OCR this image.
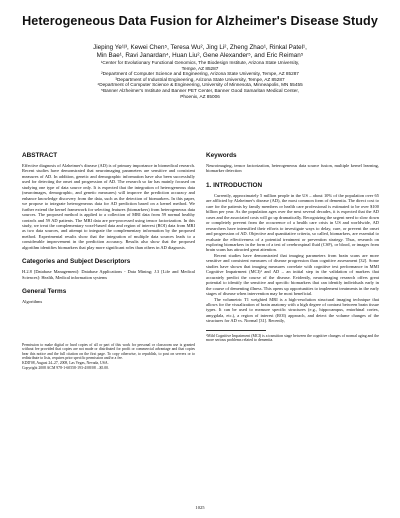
Heterogeneous Data Fusion for Alzheimer's Disease Study
Jieping Ye¹ʲ³, Kewei Chen⁵, Teresa Wu², Jing Li², Zheng Zhao¹, Rinkal Patel¹,
Min Bae¹, Ravi Janardan⁴, Huan Liu², Gene Alexander⁵, and Eric Reiman⁵
¹Center for Evolutionary Functional Genomics, The Biodesign Institute, Arizona State University,
Tempe, AZ 85287
²Department of Computer Science and Engineering, Arizona State University, Tempe, AZ 85287
³Department of Industrial Engineering, Arizona State University, Tempe, AZ 85287
⁴Department of Computer Science & Engineering, University of Minnesota, Minneapolis, MN 55455
⁵Banner Alzheimer's Institute and Banner PET Center, Banner Good Samaritan Medical Center,
Phoenix, AZ 85006
ABSTRACT

Effective diagnosis of Alzheimer's disease (AD) is of primary importance in biomedical research. Recent studies have demonstrated that neuroimaging parameters are sensitive and consistent measures of AD. In addition, genetic and demographic information have also been successfully used for detecting the onset and progression of AD. The research so far has mainly focused on studying one type of data source only. It is expected that the integration of heterogeneous data (neuroimages, demographic, and genetic measures) will improve the prediction accuracy and enhance knowledge discovery from the data, such as the detection of biomarkers. In this paper, we propose to integrate heterogeneous data for AD prediction based on a kernel method. We further extend the kernel framework for selecting features (biomarkers) from heterogeneous data sources. The proposed method is applied to a collection of MRI data from 59 normal healthy controls and 59 AD patients. The MRI data are pre-processed using tensor factorization. In this study, we treat the complementary voxel-based data and region of interest (ROI) data from MRI as two data sources, and attempt to integrate the complementary information by the proposed method. Experimental results show that the integration of multiple data sources leads to a considerable improvement in the prediction accuracy. Results also show that the proposed algorithm identifies biomarkers that play more significant roles than others in AD diagnosis.

Categories and Subject Descriptors

H.2.8 [Database Management]: Database Applications - Data Mining; J.3 [Life and Medical Sciences]: Health, Medical information systems

General Terms

Algorithms

Permission to make digital or hard copies of all or part of this work for personal or classroom use is granted without fee provided that copies are not made or distributed for profit or commercial advantage and that copies bear this notice and the full citation on the first page. To copy otherwise, to republish, to post on servers or to redistribute to lists, requires prior specific permission and/or a fee.
KDD'08, August 24–27, 2008, Las Vegas, Nevada, USA.
Copyright 2008 ACM 978-1-60558-193-4/08/08 ...$5.00.

Keywords

Neuroimaging, tensor factorization, heterogeneous data source fusion, multiple kernel learning, biomarker detection

1. INTRODUCTION

Currently, approximately 5 million people in the US – about 10% of the population over 65 are afflicted by Alzheimer's disease (AD), the most common form of dementia. The direct cost to care for the patients by family members or health care professional is estimated to be over $100 billion per year. As the population ages over the next several decades, it is expected that the AD cases and the associated costs will go up dramatically. Recognizing the urgent need to slow down or completely prevent from the occurrence of a health care crisis in US and worldwide, AD researchers have intensified their efforts to investigate ways to delay, cure, or prevent the onset and progression of AD. Objective and quantitative criteria, so called, biomarkers, are essential to evaluate the effectiveness of a potential treatment or prevention strategy. Thus, research on exploring biomarkers in the form of a test of cerebrospinal fluid (CSF), or blood, or images from brain scans has attracted great attention.

Recent studies have demonstrated that imaging parameters from brain scans are more sensitive and consistent measures of disease progression than cognitive assessment [32]. Some studies have shown that imaging measures correlate with cognitive test performance in MMI Cognitive Impairment (MCI)¹ and AD – an initial step in the validation of markers that accurately predict the course of the disease. Evidently, neuroimaging research offers great potential to identify the sensitive and specific biomarkers that can identify individuals early in the course of dementing illness. This opens up opportunities to implement treatments in the early stages of disease when intervention may be most beneficial.

The volumetric T1 weighted MRI is a high-resolution structural imaging technique that allows for the visualization of brain anatomy with a high degree of contrast between brain tissue types. It can be used to measure specific structures (e.g., hippocampus, entorhinal cortex, amygdala, etc.), a region of interest (ROI) approach, and detect the volume changes of the structures for AD vs. Normal [31]. Recently,

¹Mild Cognitive Impairment (MCI) is a transition stage between the cognitive changes of normal aging and the more serious problems related to dementia.

1025
